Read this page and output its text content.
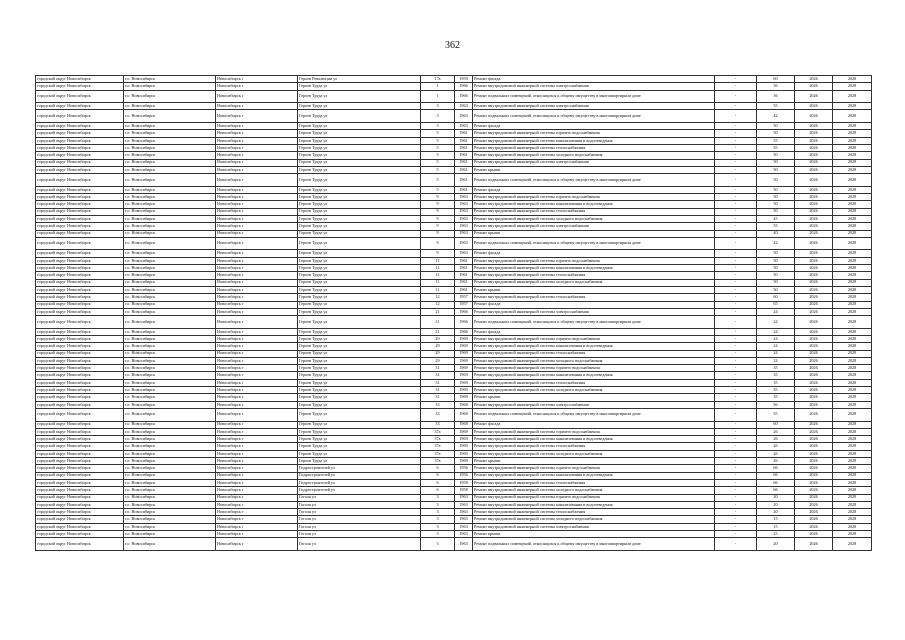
362
городской округ Новосибирск	г.о. Новосибирск	Новосибирск г	Героев Революции ул	17а	1959	Ремонт фасада	-	60	2026	2028
городской округ Новосибирск	г.о. Новосибирск	Новосибирск г	Героев Труда ул	1	1966	Ремонт внутридомовой инженерной системы электроснабжения	-	36	2026	2028
городской округ Новосибирск	г.о. Новосибирск	Новосибирск г	Героев Труда ул	1	1966	Ремонт подвальных помещений, относящихся к общему имуществу в многоквартирном доме	-	36	2026	2028
городской округ Новосибирск	г.о. Новосибирск	Новосибирск г	Героев Труда ул	3	1963	Ремонт внутридомовой инженерной системы электроснабжения	-	55	2026	2028
городской округ Новосибирск	г.о. Новосибирск	Новосибирск г	Героев Труда ул	3	1963	Ремонт подвальных помещений, относящихся к общему имуществу в многоквартирном доме	-	42	2026	2028
городской округ Новосибирск	г.о. Новосибирск	Новосибирск г	Героев Труда ул	3	1963	Ремонт фасада	-	50	2026	2028
городской округ Новосибирск	г.о. Новосибирск	Новосибирск г	Героев Труда ул	5	1961	Ремонт внутридомовой инженерной системы горячего водоснабжения	-	50	2026	2028
городской округ Новосибирск	г.о. Новосибирск	Новосибирск г	Героев Труда ул	5	1961	Ремонт внутридомовой инженерной системы канализования и водоотведения	-	55	2026	2028
городской округ Новосибирск	г.о. Новосибирск	Новосибирск г	Героев Труда ул	5	1961	Ремонт внутридомовой инженерной системы теплоснабжения	-	55	2026	2028
городской округ Новосибирск	г.о. Новосибирск	Новосибирск г	Героев Труда ул	5	1961	Ремонт внутридомовой инженерной системы холодного водоснабжения	-	50	2026	2028
городской округ Новосибирск	г.о. Новосибирск	Новосибирск г	Героев Труда ул	5	1961	Ремонт внутридомовой инженерной системы электроснабжения	-	50	2026	2028
городской округ Новосибирск	г.о. Новосибирск	Новосибирск г	Героев Труда ул	5	1961	Ремонт крыши	-	50	2026	2028
городской округ Новосибирск	г.о. Новосибирск	Новосибирск г	Героев Труда ул	5	1961	Ремонт подвальных помещений, относящихся к общему имуществу в многоквартирном доме	-	50	2026	2028
городской округ Новосибирск	г.о. Новосибирск	Новосибирск г	Героев Труда ул	5	1961	Ремонт фасада	-	50	2026	2028
городской округ Новосибирск	г.о. Новосибирск	Новосибирск г	Героев Труда ул	9	1963	Ремонт внутридомовой инженерной системы горячего водоснабжения	-	50	2026	2028
городской округ Новосибирск	г.о. Новосибирск	Новосибирск г	Героев Труда ул	9	1963	Ремонт внутридомовой инженерной системы канализования и водоотведения	-	50	2026	2028
городской округ Новосибирск	г.о. Новосибирск	Новосибирск г	Героев Труда ул	9	1963	Ремонт внутридомовой инженерной системы теплоснабжения	-	50	2026	2028
городской округ Новосибирск	г.о. Новосибирск	Новосибирск г	Героев Труда ул	9	1963	Ремонт внутридомовой инженерной системы холодного водоснабжения	-	45	2026	2028
городской округ Новосибирск	г.о. Новосибирск	Новосибирск г	Героев Труда ул	9	1963	Ремонт внутридомовой инженерной системы электроснабжения	-	55	2026	2028
городской округ Новосибирск	г.о. Новосибирск	Новосибирск г	Героев Труда ул	9	1963	Ремонт крыши	-	40	2026	2028
городской округ Новосибирск	г.о. Новосибирск	Новосибирск г	Героев Труда ул	9	1963	Ремонт подвальных помещений, относящихся к общему имуществу в многоквартирном доме	-	42	2026	2028
городской округ Новосибирск	г.о. Новосибирск	Новосибирск г	Героев Труда ул	9	1963	Ремонт фасада	-	50	2026	2028
городской округ Новосибирск	г.о. Новосибирск	Новосибирск г	Героев Труда ул	11	1961	Ремонт внутридомовой инженерной системы горячего водоснабжения	-	50	2026	2028
городской округ Новосибирск	г.о. Новосибирск	Новосибирск г	Героев Труда ул	11	1961	Ремонт внутридомовой инженерной системы канализования и водоотведения	-	50	2026	2028
городской округ Новосибирск	г.о. Новосибирск	Новосибирск г	Героев Труда ул	11	1961	Ремонт внутридомовой инженерной системы теплоснабжения	-	50	2026	2028
городской округ Новосибирск	г.о. Новосибирск	Новосибирск г	Героев Труда ул	11	1961	Ремонт внутридомовой инженерной системы холодного водоснабжения	-	50	2026	2028
городской округ Новосибирск	г.о. Новосибирск	Новосибирск г	Героев Труда ул	11	1961	Ремонт крыши	-	50	2026	2028
городской округ Новосибирск	г.о. Новосибирск	Новосибирск г	Героев Труда ул	12	1957	Ремонт внутридомовой инженерной системы теплоснабжения	-	60	2026	2028
городской округ Новосибирск	г.о. Новосибирск	Новосибирск г	Героев Труда ул	12	1957	Ремонт фасада	-	65	2026	2028
городской округ Новосибирск	г.о. Новосибирск	Новосибирск г	Героев Труда ул	21	1966	Ремонт внутридомовой инженерной системы электроснабжения	-	24	2026	2028
городской округ Новосибирск	г.о. Новосибирск	Новосибирск г	Героев Труда ул	21	1966	Ремонт подвальных помещений, относящихся к общему имуществу в многоквартирном доме	-	24	2026	2028
городской округ Новосибирск	г.о. Новосибирск	Новосибирск г	Героев Труда ул	21	1966	Ремонт фасада	-	24	2026	2028
городской округ Новосибирск	г.о. Новосибирск	Новосибирск г	Героев Труда ул	29	1969	Ремонт внутридомовой инженерной системы горячего водоснабжения	-	24	2026	2028
городской округ Новосибирск	г.о. Новосибирск	Новосибирск г	Героев Труда ул	29	1969	Ремонт внутридомовой инженерной системы канализования и водоотведения	-	24	2026	2028
городской округ Новосибирск	г.о. Новосибирск	Новосибирск г	Героев Труда ул	29	1969	Ремонт внутридомовой инженерной системы теплоснабжения	-	24	2026	2028
городской округ Новосибирск	г.о. Новосибирск	Новосибирск г	Героев Труда ул	29	1969	Ремонт внутридомовой инженерной системы холодного водоснабжения	-	24	2026	2028
городской округ Новосибирск	г.о. Новосибирск	Новосибирск г	Героев Труда ул	31	1969	Ремонт внутридомовой инженерной системы горячего водоснабжения	-	35	2026	2028
городской округ Новосибирск	г.о. Новосибирск	Новосибирск г	Героев Труда ул	31	1969	Ремонт внутридомовой инженерной системы канализования и водоотведения	-	35	2026	2028
городской округ Новосибирск	г.о. Новосибирск	Новосибирск г	Героев Труда ул	31	1969	Ремонт внутридомовой инженерной системы теплоснабжения	-	35	2026	2028
городской округ Новосибирск	г.о. Новосибирск	Новосибирск г	Героев Труда ул	31	1969	Ремонт внутридомовой инженерной системы холодного водоснабжения	-	35	2026	2028
городской округ Новосибирск	г.о. Новосибирск	Новосибирск г	Героев Труда ул	31	1969	Ремонт крыши	-	35	2026	2028
городской округ Новосибирск	г.о. Новосибирск	Новосибирск г	Героев Труда ул	33	1968	Ремонт внутридомовой инженерной системы электроснабжения	-	56	2026	2028
городской округ Новосибирск	г.о. Новосибирск	Новосибирск г	Героев Труда ул	33	1968	Ремонт подвальных помещений, относящихся к общему имуществу в многоквартирном доме	-	55	2026	2028
городской округ Новосибирск	г.о. Новосибирск	Новосибирск г	Героев Труда ул	33	1968	Ремонт фасада	-	60	2026	2028
городской округ Новосибирск	г.о. Новосибирск	Новосибирск г	Героев Труда ул	37а	1969	Ремонт внутридомовой инженерной системы горячего водоснабжения	-	26	2026	2028
городской округ Новосибирск	г.о. Новосибирск	Новосибирск г	Героев Труда ул	37а	1969	Ремонт внутридомовой инженерной системы канализования и водоотведения	-	26	2026	2028
городской округ Новосибирск	г.о. Новосибирск	Новосибирск г	Героев Труда ул	37а	1969	Ремонт внутридомовой инженерной системы теплоснабжения	-	26	2026	2028
городской округ Новосибирск	г.о. Новосибирск	Новосибирск г	Героев Труда ул	37а	1969	Ремонт внутридомовой инженерной системы холодного водоснабжения	-	26	2026	2028
городской округ Новосибирск	г.о. Новосибирск	Новосибирск г	Героев Труда ул	37а	1969	Ремонт крыши	-	26	2026	2028
городской округ Новосибирск	г.о. Новосибирск	Новосибирск г	Гидростроителей ул	6	1956	Ремонт внутридомовой инженерной системы горячего водоснабжения	-	66	2026	2028
городской округ Новосибирск	г.о. Новосибирск	Новосибирск г	Гидростроителей ул	6	1956	Ремонт внутридомовой инженерной системы канализования и водоотведения	-	66	2026	2028
городской округ Новосибирск	г.о. Новосибирск	Новосибирск г	Гидростроителей ул	6	1958	Ремонт внутридомовой инженерной системы теплоснабжения	-	66	2026	2028
городской округ Новосибирск	г.о. Новосибирск	Новосибирск г	Гидростроителей ул	6	1958	Ремонт внутридомовой инженерной системы холодного водоснабжения	-	66	2026	2028
городской округ Новосибирск	г.о. Новосибирск	Новосибирск г	Гоголя ул	3	1963	Ремонт внутридомовой инженерной системы горячего водоснабжения	-	20	2026	2028
городской округ Новосибирск	г.о. Новосибирск	Новосибирск г	Гоголя ул	3	1963	Ремонт внутридомовой инженерной системы канализования и водоотведения	-	20	2026	2028
городской округ Новосибирск	г.о. Новосибирск	Новосибирск г	Гоголя ул	3	1963	Ремонт внутридомовой инженерной системы теплоснабжения	-	20	2026	2028
городской округ Новосибирск	г.о. Новосибирск	Новосибирск г	Гоголя ул	3	1963	Ремонт внутридомовой инженерной системы холодного водоснабжения	-	15	2026	2028
городской округ Новосибирск	г.о. Новосибирск	Новосибирск г	Гоголя ул	3	1963	Ремонт внутридомовой инженерной системы электроснабжения	-	15	2026	2028
городской округ Новосибирск	г.о. Новосибирск	Новосибирск г	Гоголя ул	3	1963	Ремонт крыши	-	25	2026	2028
городской округ Новосибирск	г.о. Новосибирск	Новосибирск г	Гоголя ул	3	1963	Ремонт подвальных помещений, относящихся к общему имуществу в многоквартирном доме	-	20	2026	2028
